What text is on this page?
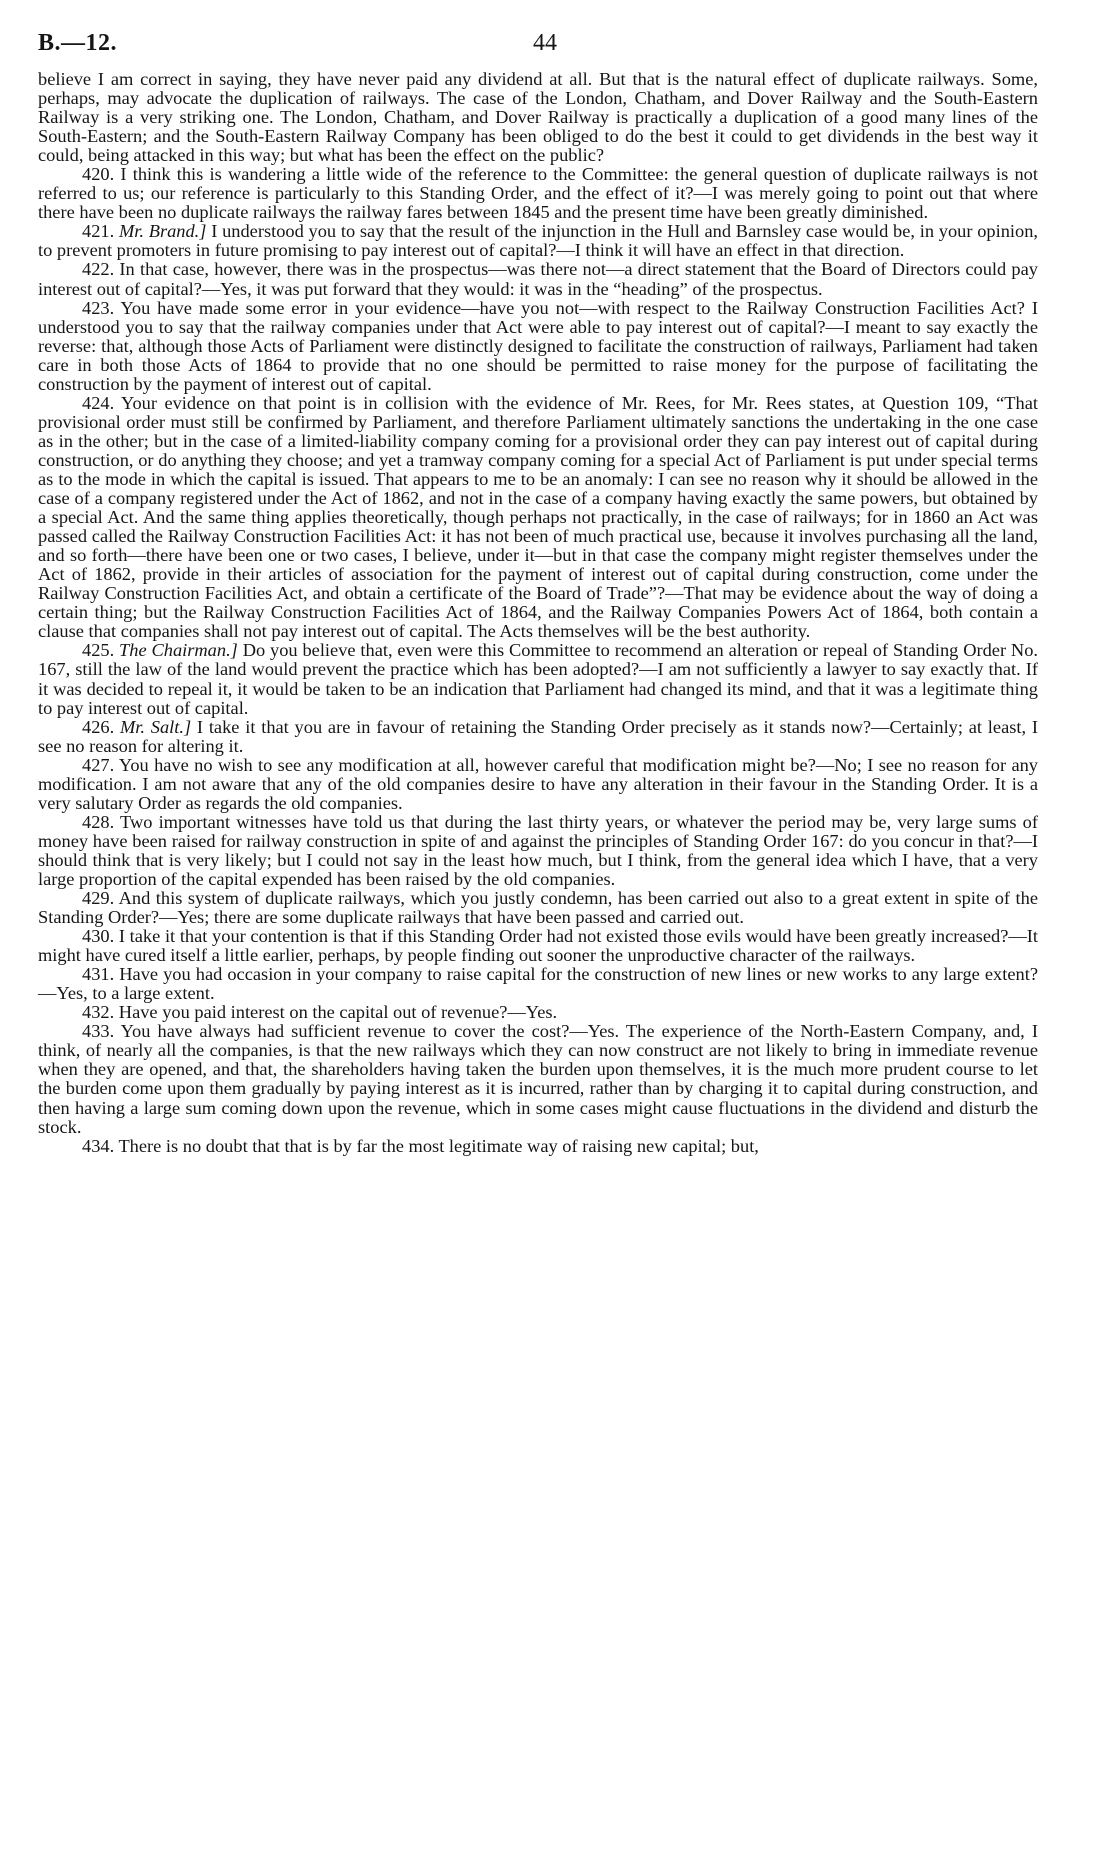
B.—12.	44

believe I am correct in saying, they have never paid any dividend at all. But that is the natural effect of duplicate railways. Some, perhaps, may advocate the duplication of railways. The case of the London, Chatham, and Dover Railway and the South-Eastern Railway is a very striking one. The London, Chatham, and Dover Railway is practically a duplication of a good many lines of the South-Eastern; and the South-Eastern Railway Company has been obliged to do the best it could to get dividends in the best way it could, being attacked in this way; but what has been the effect on the public?

420. I think this is wandering a little wide of the reference to the Committee: the general question of duplicate railways is not referred to us; our reference is particularly to this Standing Order, and the effect of it?—I was merely going to point out that where there have been no duplicate railways the railway fares between 1845 and the present time have been greatly diminished.

421. Mr. Brand.] I understood you to say that the result of the injunction in the Hull and Barnsley case would be, in your opinion, to prevent promoters in future promising to pay interest out of capital?—I think it will have an effect in that direction.

422. In that case, however, there was in the prospectus—was there not—a direct statement that the Board of Directors could pay interest out of capital?—Yes, it was put forward that they would: it was in the “heading” of the prospectus.

423. You have made some error in your evidence—have you not—with respect to the Railway Construction Facilities Act? I understood you to say that the railway companies under that Act were able to pay interest out of capital?—I meant to say exactly the reverse: that, although those Acts of Parliament were distinctly designed to facilitate the construction of railways, Parliament had taken care in both those Acts of 1864 to provide that no one should be permitted to raise money for the purpose of facilitating the construction by the payment of interest out of capital.

424. Your evidence on that point is in collision with the evidence of Mr. Rees, for Mr. Rees states, at Question 109, “That provisional order must still be confirmed by Parliament, and therefore Parliament ultimately sanctions the undertaking in the one case as in the other; but in the case of a limited-liability company coming for a provisional order they can pay interest out of capital during construction, or do anything they choose; and yet a tramway company coming for a special Act of Parliament is put under special terms as to the mode in which the capital is issued. That appears to me to be an anomaly: I can see no reason why it should be allowed in the case of a company registered under the Act of 1862, and not in the case of a company having exactly the same powers, but obtained by a special Act. And the same thing applies theoretically, though perhaps not practically, in the case of railways; for in 1860 an Act was passed called the Railway Construction Facilities Act: it has not been of much practical use, because it involves purchasing all the land, and so forth—there have been one or two cases, I believe, under it—but in that case the company might register themselves under the Act of 1862, provide in their articles of association for the payment of interest out of capital during construction, come under the Railway Construction Facilities Act, and obtain a certificate of the Board of Trade”?—That may be evidence about the way of doing a certain thing; but the Railway Construction Facilities Act of 1864, and the Railway Companies Powers Act of 1864, both contain a clause that companies shall not pay interest out of capital. The Acts themselves will be the best authority.

425. The Chairman.] Do you believe that, even were this Committee to recommend an alteration or repeal of Standing Order No. 167, still the law of the land would prevent the practice which has been adopted?—I am not sufficiently a lawyer to say exactly that. If it was decided to repeal it, it would be taken to be an indication that Parliament had changed its mind, and that it was a legitimate thing to pay interest out of capital.

426. Mr. Salt.] I take it that you are in favour of retaining the Standing Order precisely as it stands now?—Certainly; at least, I see no reason for altering it.

427. You have no wish to see any modification at all, however careful that modification might be?—No; I see no reason for any modification. I am not aware that any of the old companies desire to have any alteration in their favour in the Standing Order. It is a very salutary Order as regards the old companies.

428. Two important witnesses have told us that during the last thirty years, or whatever the period may be, very large sums of money have been raised for railway construction in spite of and against the principles of Standing Order 167: do you concur in that?—I should think that is very likely; but I could not say in the least how much, but I think, from the general idea which I have, that a very large proportion of the capital expended has been raised by the old companies.

429. And this system of duplicate railways, which you justly condemn, has been carried out also to a great extent in spite of the Standing Order?—Yes; there are some duplicate railways that have been passed and carried out.

430. I take it that your contention is that if this Standing Order had not existed those evils would have been greatly increased?—It might have cured itself a little earlier, perhaps, by people finding out sooner the unproductive character of the railways.

431. Have you had occasion in your company to raise capital for the construction of new lines or new works to any large extent?—Yes, to a large extent.

432. Have you paid interest on the capital out of revenue?—Yes.

433. You have always had sufficient revenue to cover the cost?—Yes. The experience of the North-Eastern Company, and, I think, of nearly all the companies, is that the new railways which they can now construct are not likely to bring in immediate revenue when they are opened, and that, the shareholders having taken the burden upon themselves, it is the much more prudent course to let the burden come upon them gradually by paying interest as it is incurred, rather than by charging it to capital during construction, and then having a large sum coming down upon the revenue, which in some cases might cause fluctuations in the dividend and disturb the stock.

434. There is no doubt that that is by far the most legitimate way of raising new capital; but,
